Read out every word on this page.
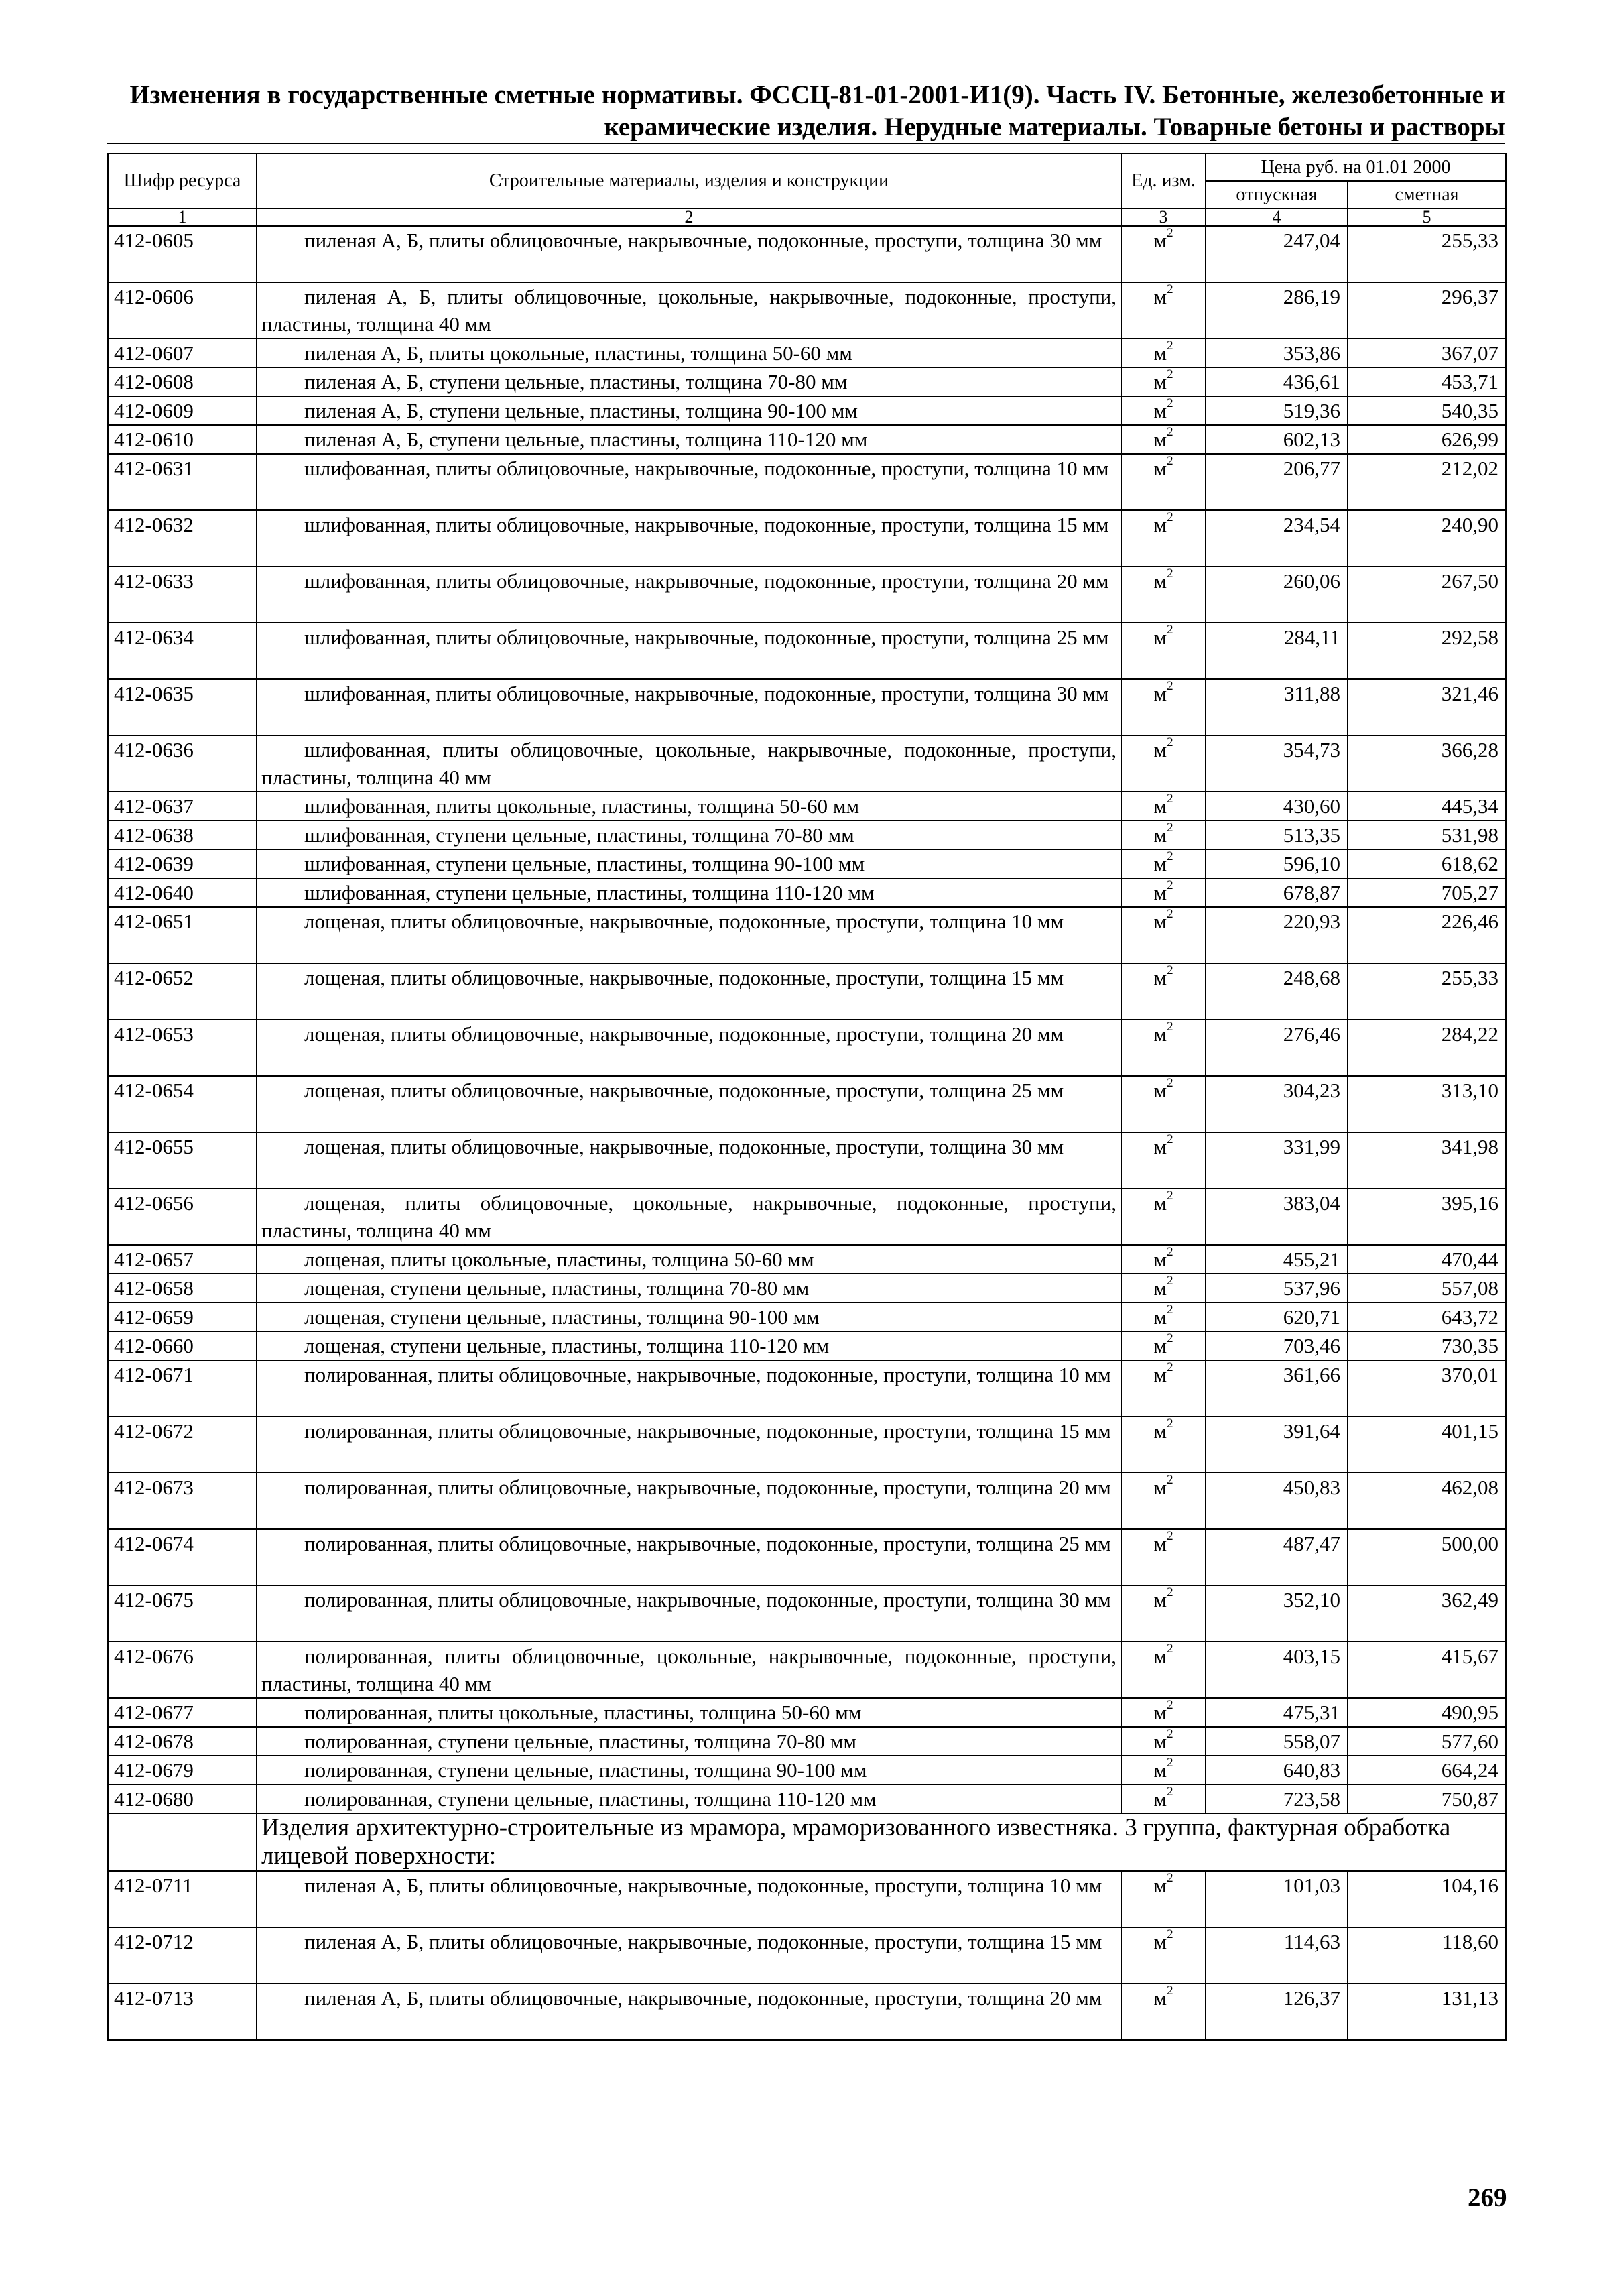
Изменения в государственные сметные нормативы. ФССЦ-81-01-2001-И1(9). Часть IV. Бетонные, железобетонные и
керамические изделия. Нерудные материалы. Товарные бетоны и растворы
Шифр ресурса	Строительные материалы, изделия и конструкции	Ед. изм.	Цена руб. на 01.01 2000	
			отпускная	сметная
1	2	3	4	5
412-0605	пиленая А, Б, плиты облицовочные, накрывочные, подоконные, проступи, толщина 30 мм	$м^2$	247,04	255,33
412-0606	пиленая А, Б, плиты облицовочные, цокольные, накрывочные, подоконные, проступи, пластины, толщина 40 мм	$м^2$	286,19	296,37
412-0607	пиленая А, Б, плиты цокольные, пластины, толщина 50-60 мм	$м^2$	353,86	367,07
412-0608	пиленая А, Б, ступени цельные, пластины, толщина 70-80 мм	$м^2$	436,61	453,71
412-0609	пиленая А, Б, ступени цельные, пластины, толщина 90-100 мм	$м^2$	519,36	540,35
412-0610	пиленая А, Б, ступени цельные, пластины, толщина 110-120 мм	$м^2$	602,13	626,99
412-0631	шлифованная, плиты облицовочные, накрывочные, подоконные, проступи, толщина 10 мм	$м^2$	206,77	212,02
412-0632	шлифованная, плиты облицовочные, накрывочные, подоконные, проступи, толщина 15 мм	$м^2$	234,54	240,90
412-0633	шлифованная, плиты облицовочные, накрывочные, подоконные, проступи, толщина 20 мм	$м^2$	260,06	267,50
412-0634	шлифованная, плиты облицовочные, накрывочные, подоконные, проступи, толщина 25 мм	$м^2$	284,11	292,58
412-0635	шлифованная, плиты облицовочные, накрывочные, подоконные, проступи, толщина 30 мм	$м^2$	311,88	321,46
412-0636	шлифованная, плиты облицовочные, цокольные, накрывочные, подоконные, проступи, пластины, толщина 40 мм	$м^2$	354,73	366,28
412-0637	шлифованная, плиты цокольные, пластины, толщина 50-60 мм	$м^2$	430,60	445,34
412-0638	шлифованная, ступени цельные, пластины, толщина 70-80 мм	$м^2$	513,35	531,98
412-0639	шлифованная, ступени цельные, пластины, толщина 90-100 мм	$м^2$	596,10	618,62
412-0640	шлифованная, ступени цельные, пластины, толщина 110-120 мм	$м^2$	678,87	705,27
412-0651	лощеная, плиты облицовочные, накрывочные, подоконные, проступи, толщина 10 мм	$м^2$	220,93	226,46
412-0652	лощеная, плиты облицовочные, накрывочные, подоконные, проступи, толщина 15 мм	$м^2$	248,68	255,33
412-0653	лощеная, плиты облицовочные, накрывочные, подоконные, проступи, толщина 20 мм	$м^2$	276,46	284,22
412-0654	лощеная, плиты облицовочные, накрывочные, подоконные, проступи, толщина 25 мм	$м^2$	304,23	313,10
412-0655	лощеная, плиты облицовочные, накрывочные, подоконные, проступи, толщина 30 мм	$м^2$	331,99	341,98
412-0656	лощеная, плиты облицовочные, цокольные, накрывочные, подоконные, проступи, пластины, толщина 40 мм	$м^2$	383,04	395,16
412-0657	лощеная, плиты цокольные, пластины, толщина 50-60 мм	$м^2$	455,21	470,44
412-0658	лощеная, ступени цельные, пластины, толщина 70-80 мм	$м^2$	537,96	557,08
412-0659	лощеная, ступени цельные, пластины, толщина 90-100 мм	$м^2$	620,71	643,72
412-0660	лощеная, ступени цельные, пластины, толщина 110-120 мм	$м^2$	703,46	730,35
412-0671	полированная, плиты облицовочные, накрывочные, подоконные, проступи, толщина 10 мм	$м^2$	361,66	370,01
412-0672	полированная, плиты облицовочные, накрывочные, подоконные, проступи, толщина 15 мм	$м^2$	391,64	401,15
412-0673	полированная, плиты облицовочные, накрывочные, подоконные, проступи, толщина 20 мм	$м^2$	450,83	462,08
412-0674	полированная, плиты облицовочные, накрывочные, подоконные, проступи, толщина 25 мм	$м^2$	487,47	500,00
412-0675	полированная, плиты облицовочные, накрывочные, подоконные, проступи, толщина 30 мм	$м^2$	352,10	362,49
412-0676	полированная, плиты облицовочные, цокольные, накрывочные, подоконные, проступи, пластины, толщина 40 мм	$м^2$	403,15	415,67
412-0677	полированная, плиты цокольные, пластины, толщина 50-60 мм	$м^2$	475,31	490,95
412-0678	полированная, ступени цельные, пластины, толщина 70-80 мм	$м^2$	558,07	577,60
412-0679	полированная, ступени цельные, пластины, толщина 90-100 мм	$м^2$	640,83	664,24
412-0680	полированная, ступени цельные, пластины, толщина 110-120 мм	$м^2$	723,58	750,87
	Изделия архитектурно-строительные из мрамора, мраморизованного известняка. 3 группа, фактурная обработка лицевой поверхности:			
412-0711	пиленая А, Б, плиты облицовочные, накрывочные, подоконные, проступи, толщина 10 мм	$м^2$	101,03	104,16
412-0712	пиленая А, Б, плиты облицовочные, накрывочные, подоконные, проступи, толщина 15 мм	$м^2$	114,63	118,60
412-0713	пиленая А, Б, плиты облицовочные, накрывочные, подоконные, проступи, толщина 20 мм	$м^2$	126,37	131,13
269
